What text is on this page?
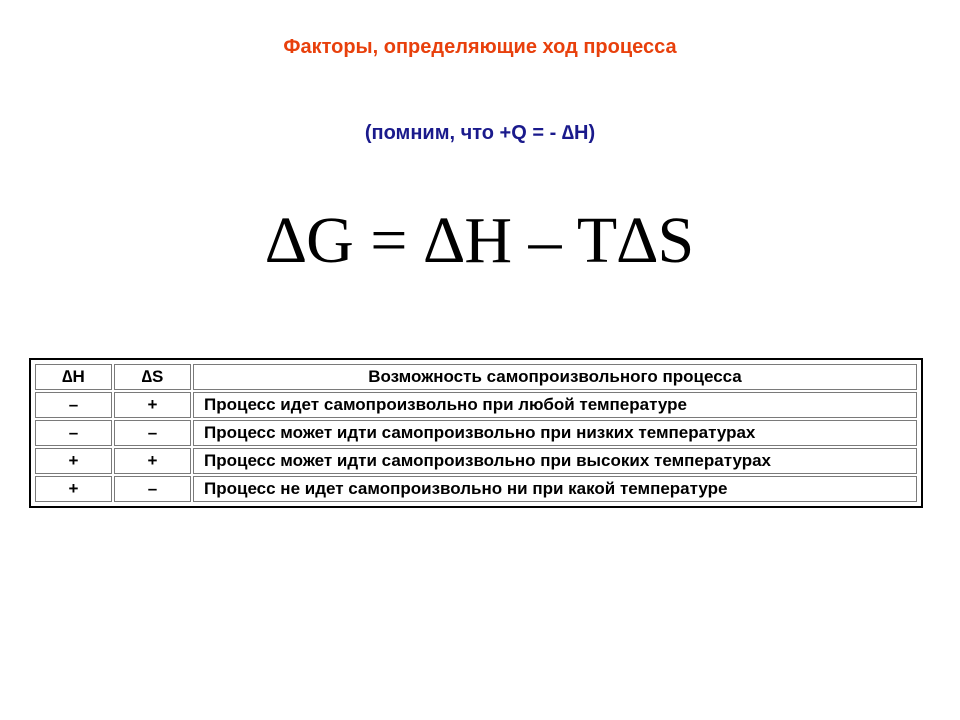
Факторы, определяющие ход процесса
(помним, что +Q = - ∆H)
∆G = ∆H – T∆S
∆H	∆S	Возможность самопроизвольного процесса
–	+	Процесс идет самопроизвольно при любой температуре
–	–	Процесс может идти самопроизвольно при низких температурах
+	+	Процесс может идти самопроизвольно при высоких температурах
+	–	Процесс не идет самопроизвольно ни при какой температуре
